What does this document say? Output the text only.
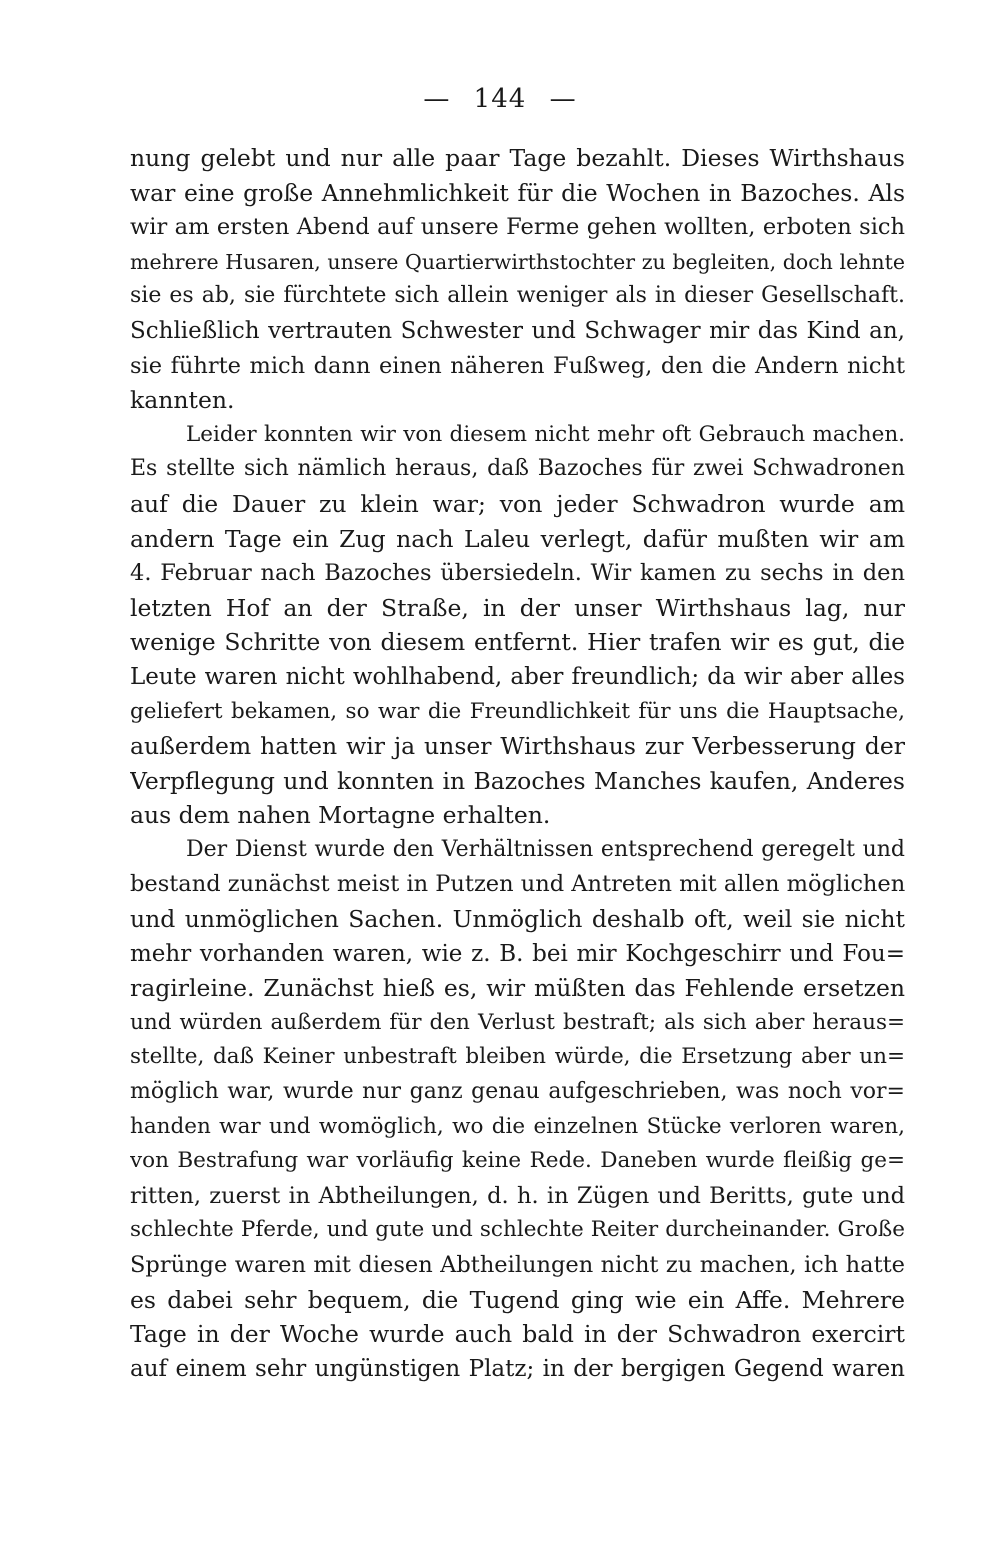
— 144 —
nung gelebt und nur alle paar Tage bezahlt. Dieses Wirthshaus
war eine große Annehmlichkeit für die Wochen in Bazoches. Als
wir am ersten Abend auf unsere Ferme gehen wollten, erboten sich
mehrere Husaren, unsere Quartierwirthstochter zu begleiten, doch lehnte
sie es ab, sie fürchtete sich allein weniger als in dieser Gesellschaft.
Schließlich vertrauten Schwester und Schwager mir das Kind an,
sie führte mich dann einen näheren Fußweg, den die Andern nicht
kannten.
Leider konnten wir von diesem nicht mehr oft Gebrauch machen.
Es stellte sich nämlich heraus, daß Bazoches für zwei Schwadronen
auf die Dauer zu klein war; von jeder Schwadron wurde am
andern Tage ein Zug nach Laleu verlegt, dafür mußten wir am
4. Februar nach Bazoches übersiedeln. Wir kamen zu sechs in den
letzten Hof an der Straße, in der unser Wirthshaus lag, nur
wenige Schritte von diesem entfernt. Hier trafen wir es gut, die
Leute waren nicht wohlhabend, aber freundlich; da wir aber alles
geliefert bekamen, so war die Freundlichkeit für uns die Hauptsache,
außerdem hatten wir ja unser Wirthshaus zur Verbesserung der
Verpflegung und konnten in Bazoches Manches kaufen, Anderes
aus dem nahen Mortagne erhalten.
Der Dienst wurde den Verhältnissen entsprechend geregelt und
bestand zunächst meist in Putzen und Antreten mit allen möglichen
und unmöglichen Sachen. Unmöglich deshalb oft, weil sie nicht
mehr vorhanden waren, wie z. B. bei mir Kochgeschirr und Fou=
ragirleine. Zunächst hieß es, wir müßten das Fehlende ersetzen
und würden außerdem für den Verlust bestraft; als sich aber heraus=
stellte, daß Keiner unbestraft bleiben würde, die Ersetzung aber un=
möglich war, wurde nur ganz genau aufgeschrieben, was noch vor=
handen war und womöglich, wo die einzelnen Stücke verloren waren,
von Bestrafung war vorläufig keine Rede. Daneben wurde fleißig ge=
ritten, zuerst in Abtheilungen, d. h. in Zügen und Beritts, gute und
schlechte Pferde, und gute und schlechte Reiter durcheinander. Große
Sprünge waren mit diesen Abtheilungen nicht zu machen, ich hatte
es dabei sehr bequem, die Tugend ging wie ein Affe. Mehrere
Tage in der Woche wurde auch bald in der Schwadron exercirt
auf einem sehr ungünstigen Platz; in der bergigen Gegend waren
